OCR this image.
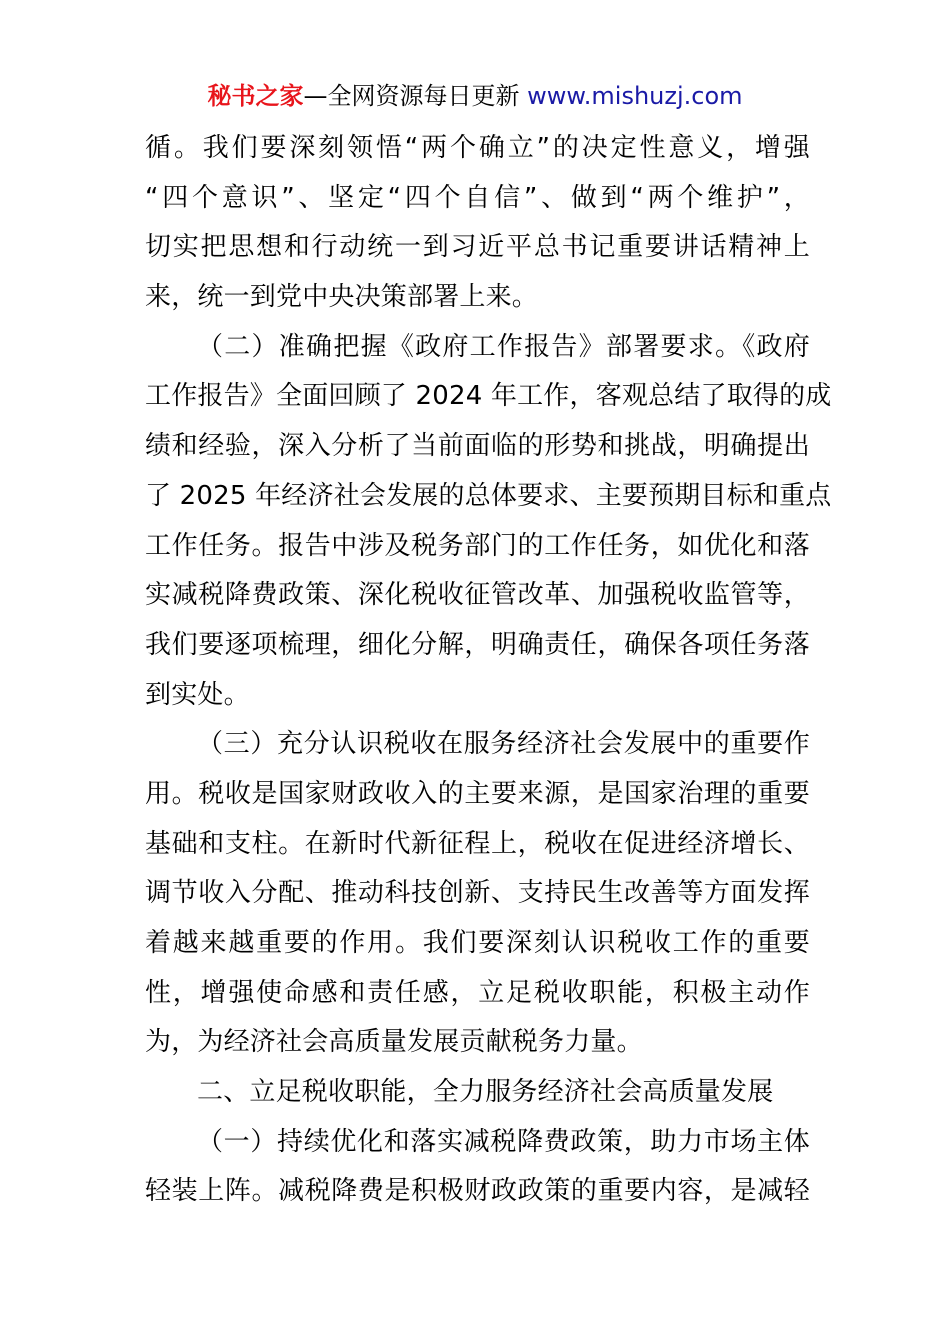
秘书之家—全网资源每日更新 www.mishuzj.com
循。我们要深刻领悟“两个确立”的决定性意义，增强
“四个意识”、坚定“四个自信”、做到“两个维护”，
切实把思想和行动统一到习近平总书记重要讲话精神上
来，统一到党中央决策部署上来。
（二）准确把握《政府工作报告》部署要求。《政府
工作报告》全面回顾了 2024 年工作，客观总结了取得的成
绩和经验，深入分析了当前面临的形势和挑战，明确提出
了 2025 年经济社会发展的总体要求、主要预期目标和重点
工作任务。报告中涉及税务部门的工作任务，如优化和落
实减税降费政策、深化税收征管改革、加强税收监管等，
我们要逐项梳理，细化分解，明确责任，确保各项任务落
到实处。
（三）充分认识税收在服务经济社会发展中的重要作
用。税收是国家财政收入的主要来源，是国家治理的重要
基础和支柱。在新时代新征程上，税收在促进经济增长、
调节收入分配、推动科技创新、支持民生改善等方面发挥
着越来越重要的作用。我们要深刻认识税收工作的重要
性，增强使命感和责任感，立足税收职能，积极主动作
为，为经济社会高质量发展贡献税务力量。
二、立足税收职能，全力服务经济社会高质量发展
（一）持续优化和落实减税降费政策，助力市场主体
轻装上阵。减税降费是积极财政政策的重要内容，是减轻
